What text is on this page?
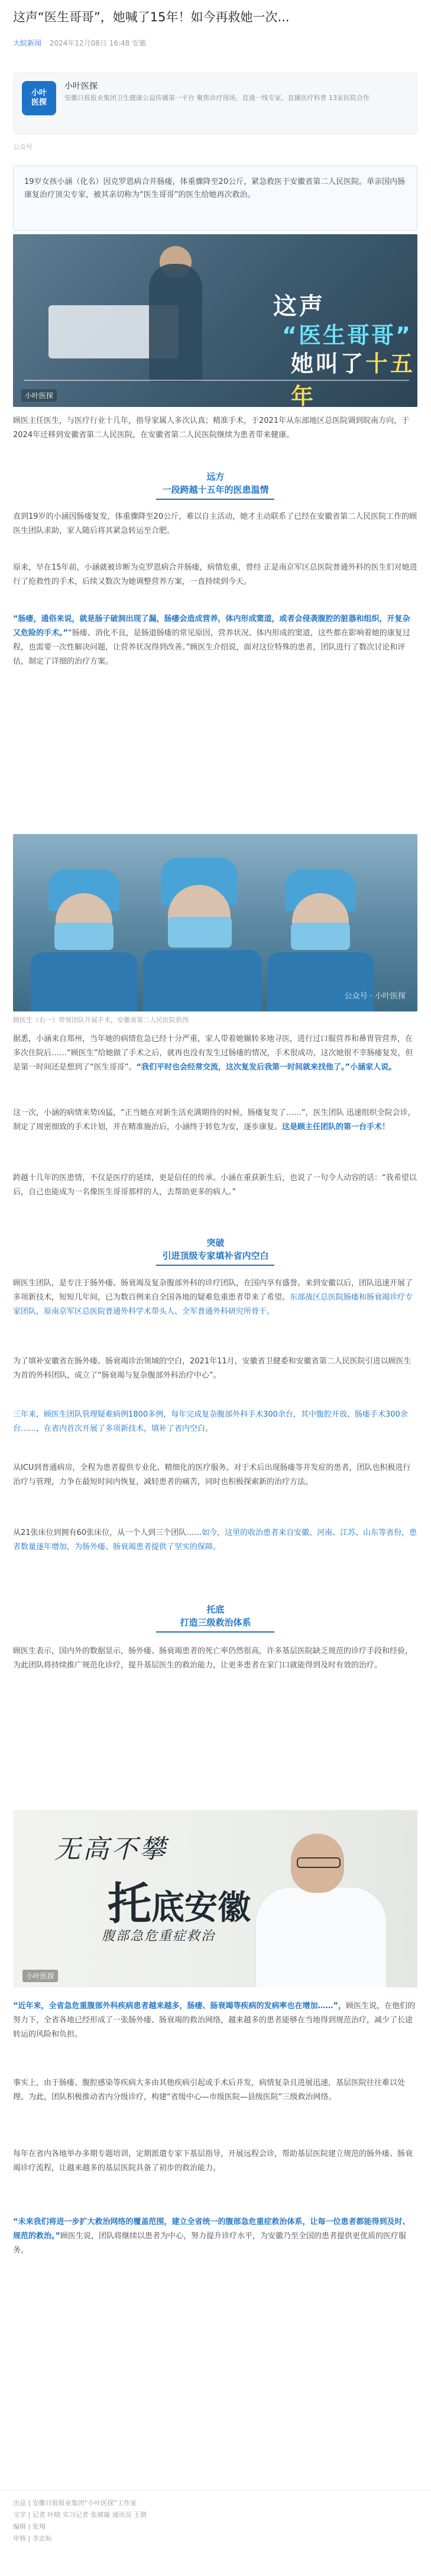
这声“医生哥哥”，她喊了15年！如今再救她一次...
大皖新闻 2024年12月08日 16:48 安徽
小叶
医探
小叶医探
安徽日报报业集团卫生健康公益传播第一平台 聚焦诊疗现场，直通一线专家，直播医疗科普 13家医院合作
公众号
19岁女孩小涵（化名）因克罗恩病合并肠瘘，体重骤降至20公斤，紧急救医于安徽省第二人民医院。单亲国内肠康复治疗顶尖专家，被其亲切称为“医生哥哥”的医生给她再次救治。
这声
“医生哥哥”
她叫了十五年
小叶医探

顾医主任医生，与医疗行业十几年，指导家属人多次认真；精准手术，于2021年从东部地区总医院调到皖南方向，于2024年迁移到安徽省第二人民医院，在安徽省第二人民医院继续为患者带来健康。

远方
一段跨越十五年的医患温情

直到19岁的小涵因肠瘘复发，体重骤降至20公斤，难以自主活动，她才主动联系了已经在安徽省第二人民医院工作的顾医生团队求助，家人随后将其紧急转运至合肥。

原来，早在15年前，小涵就被诊断为克罗恩病合并肠瘘，病情危重，曾经 正是南京军区总医院普通外科的医生们对她进行了抢救性的手术，后续又数次为她调整营养方案，一直持续到今天。

“肠瘘，通俗来说，就是肠子破洞出现了漏，肠瘘会造成营养，体内形成窦道，或者会侵袭腹腔的脏器和组织，开复杂又危险的手术。”“肠瘘、消化不良，是肠道肠瘘的常见原因，营养状况、体内形成的窦道，这些都在影响着她的康复过程，也需要一次性解决问题，让营养状况得到改善。”顾医生介绍说，面对这位特殊的患者，团队进行了数次讨论和评估，制定了详细的治疗方案。

公众号 · 小叶医探
顾医生（右一）带领团队开展手术，安徽省第二人民医院供图

据悉，小涵来自郑州，当年她的病情危急已经十分严重，家人带着她辗转多地寻医，进行过口服营养和鼻胃管营养，在多次住院后……“顾医生”给她做了手术之后，就再也没有发生过肠瘘的情况，手术很成功，这次她很不幸肠瘘复发，但是第一时间还是想到了“医生哥哥”。“我们平时也会经常交流，这次复发后我第一时间就来找他了。”小涵家人说。

这一次，小涵的病情来势凶猛，“正当她在对新生活充满期待的时候，肠瘘复发了……”，医生团队 迅速组织全院会诊，制定了周密细致的手术计划，并在精准施治后，小涵终于转危为安，逐步康复。这是顾主任团队的第一台手术！

跨越十几年的医患情，不仅是医疗的延续，更是信任的传承。小涵在重获新生后，也说了一句令人动容的话：“我希望以后，自己也能成为一名像医生哥哥那样的人，去帮助更多的病人。”

突破
引进顶级专家填补省内空白

顾医生团队，是专注于肠外瘘、肠衰竭及复杂腹部外科的诊疗团队，在国内享有盛誉。来到安徽以后，团队迅速开展了多项新技术，短短几年间，已为数百例来自全国各地的疑难危重患者带来了希望。东部战区总医院肠瘘和肠衰竭诊疗专家团队，原南京军区总医院普通外科学术带头人、全军普通外科研究所骨干。

为了填补安徽省在肠外瘘、肠衰竭诊治领域的空白，2021年11月，安徽省卫健委和安徽省第二人民医院引进以顾医生为首的外科团队，成立了“肠衰竭与复杂腹部外科治疗中心”。

三年来，顾医生团队管理疑难病例1800多例，每年完成复杂腹部外科手术300余台，其中腹腔开放、肠瘘手术300余台……，在省内首次开展了多项新技术，填补了省内空白。

从ICU到普通病房，全程为患者提供专业化、精细化的医疗服务。对于术后出现肠瘘等并发症的患者，团队也积极进行治疗与管理，力争在最短时间内恢复，减轻患者的痛苦，同时也积极探索新的治疗方法。

从21张床位到拥有60张床位，从一个人到三个团队……如今，这里的收治患者来自安徽、河南、江苏、山东等省份，患者数量逐年增加，为肠外瘘、肠衰竭患者提供了坚实的保障。

托底
打造三级救治体系

顾医生表示，国内外的数据显示，肠外瘘、肠衰竭患者的死亡率仍然很高，许多基层医院缺乏规范的诊疗手段和经验，为此团队将持续推广规范化诊疗，提升基层医生的救治能力，让更多患者在家门口就能得到及时有效的治疗。

无高不攀
托底安徽
腹部急危重症救治
小叶医探

“近年来，全省急危重腹部外科疾病患者越来越多，肠瘘、肠衰竭等疾病的发病率也在增加……”，顾医生说，在他们的努力下，全省各地已经形成了一张肠外瘘、肠衰竭的救治网络，越来越多的患者能够在当地得到规范治疗，减少了长途转运的风险和负担。

事实上，由于肠瘘、腹腔感染等疾病大多由其他疾病引起或手术后并发，病情复杂且进展迅速，基层医院往往难以处理。为此，团队积极推动省内分级诊疗，构建“省级中心—市级医院—县级医院”三级救治网络。

每年在省内各地举办多期专题培训，定期派遣专家下基层指导，开展远程会诊，帮助基层医院建立规范的肠外瘘、肠衰竭诊疗流程，让越来越多的基层医院具备了初步的救治能力。

“未来我们将进一步扩大救治网络的覆盖范围，建立全省统一的腹部急危重症救治体系，让每一位患者都能得到及时、规范的救治。”顾医生说，团队将继续以患者为中心，努力提升诊疗水平，为安徽乃至全国的患者提供更优质的医疗服务。

出品 | 安徽日报报业集团“小叶医探”工作室
文字 | 记者 叶晓 实习记者 张婧璇 通讯员 王倩
编辑 | 张翔
审核 | 李志标
